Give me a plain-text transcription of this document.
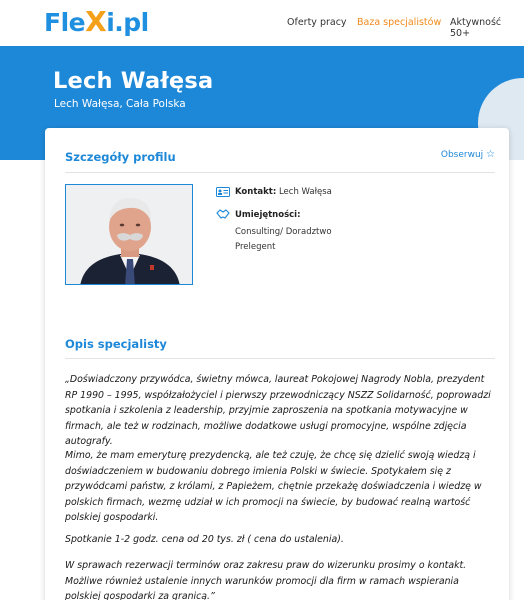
FleXi.pl	Oferty pracy Baza specjalistów Aktywność 50+
Lech Wałęsa
Lech Wałęsa, Cała Polska
Szczegóły profilu	Obserwuj ☆
Kontakt: Lech Wałęsa
Umiejętności:
Consulting/ Doradztwo
Prelegent
Opis specjalisty
„Doświadczony przywódca, świetny mówca, laureat Pokojowej Nagrody Nobla, prezydent RP 1990 – 1995, współzałożyciel i pierwszy przewodniczący NSZZ Solidarność, poprowadzi spotkania i szkolenia z leadership, przyjmie zaproszenia na spotkania motywacyjne w firmach, ale też w rodzinach, możliwe dodatkowe usługi promocyjne, wspólne zdjęcia autografy.
Mimo, że mam emeryturę prezydencką, ale też czuję, że chcę się dzielić swoją wiedzą i doświadczeniem w budowaniu dobrego imienia Polski w świecie. Spotykałem się z przywódcami państw, z królami, z Papieżem, chętnie przekażę doświadczenia i wiedzę w polskich firmach, wezmę udział w ich promocji na świecie, by budować realną wartość polskiej gospodarki.
Spotkanie 1-2 godz. cena od 20 tys. zł ( cena do ustalenia).
W sprawach rezerwacji terminów oraz zakresu praw do wizerunku prosimy o kontakt. Możliwe również ustalenie innych warunków promocji dla firm w ramach wspierania polskiej gospodarki za granicą.”
